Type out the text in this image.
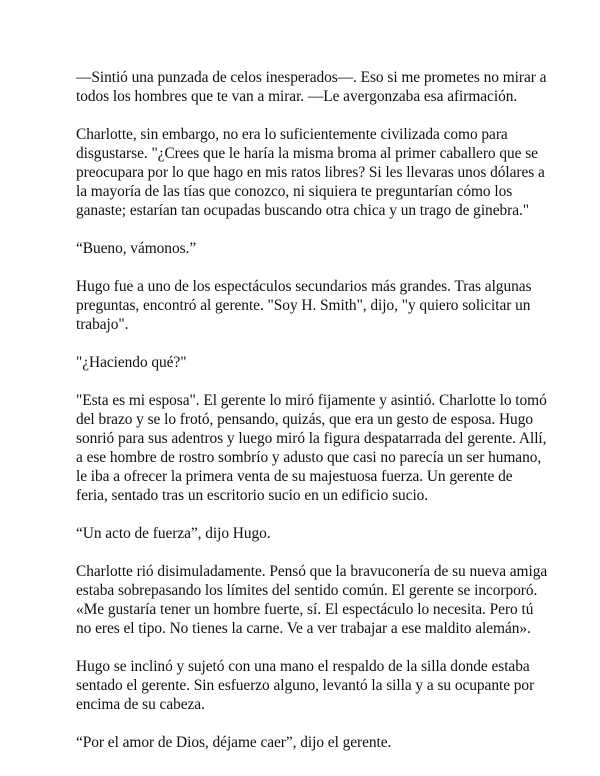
—Sintió una punzada de celos inesperados—. Eso si me prometes no mirar a todos los hombres que te van a mirar. —Le avergonzaba esa afirmación.

Charlotte, sin embargo, no era lo suficientemente civilizada como para disgustarse. "¿Crees que le haría la misma broma al primer caballero que se preocupara por lo que hago en mis ratos libres? Si les llevaras unos dólares a la mayoría de las tías que conozco, ni siquiera te preguntarían cómo los ganaste; estarían tan ocupadas buscando otra chica y un trago de ginebra."

“Bueno, vámonos.”

Hugo fue a uno de los espectáculos secundarios más grandes. Tras algunas preguntas, encontró al gerente. "Soy H. Smith", dijo, "y quiero solicitar un trabajo".

"¿Haciendo qué?"

"Esta es mi esposa". El gerente lo miró fijamente y asintió. Charlotte lo tomó del brazo y se lo frotó, pensando, quizás, que era un gesto de esposa. Hugo sonrió para sus adentros y luego miró la figura despatarrada del gerente. Allí, a ese hombre de rostro sombrío y adusto que casi no parecía un ser humano, le iba a ofrecer la primera venta de su majestuosa fuerza. Un gerente de feria, sentado tras un escritorio sucio en un edificio sucio.

“Un acto de fuerza”, dijo Hugo.

Charlotte rió disimuladamente. Pensó que la bravuconería de su nueva amiga estaba sobrepasando los límites del sentido común. El gerente se incorporó. «Me gustaría tener un hombre fuerte, sí. El espectáculo lo necesita. Pero tú no eres el tipo. No tienes la carne. Ve a ver trabajar a ese maldito alemán».

Hugo se inclinó y sujetó con una mano el respaldo de la silla donde estaba sentado el gerente. Sin esfuerzo alguno, levantó la silla y a su ocupante por encima de su cabeza.

“Por el amor de Dios, déjame caer”, dijo el gerente.
